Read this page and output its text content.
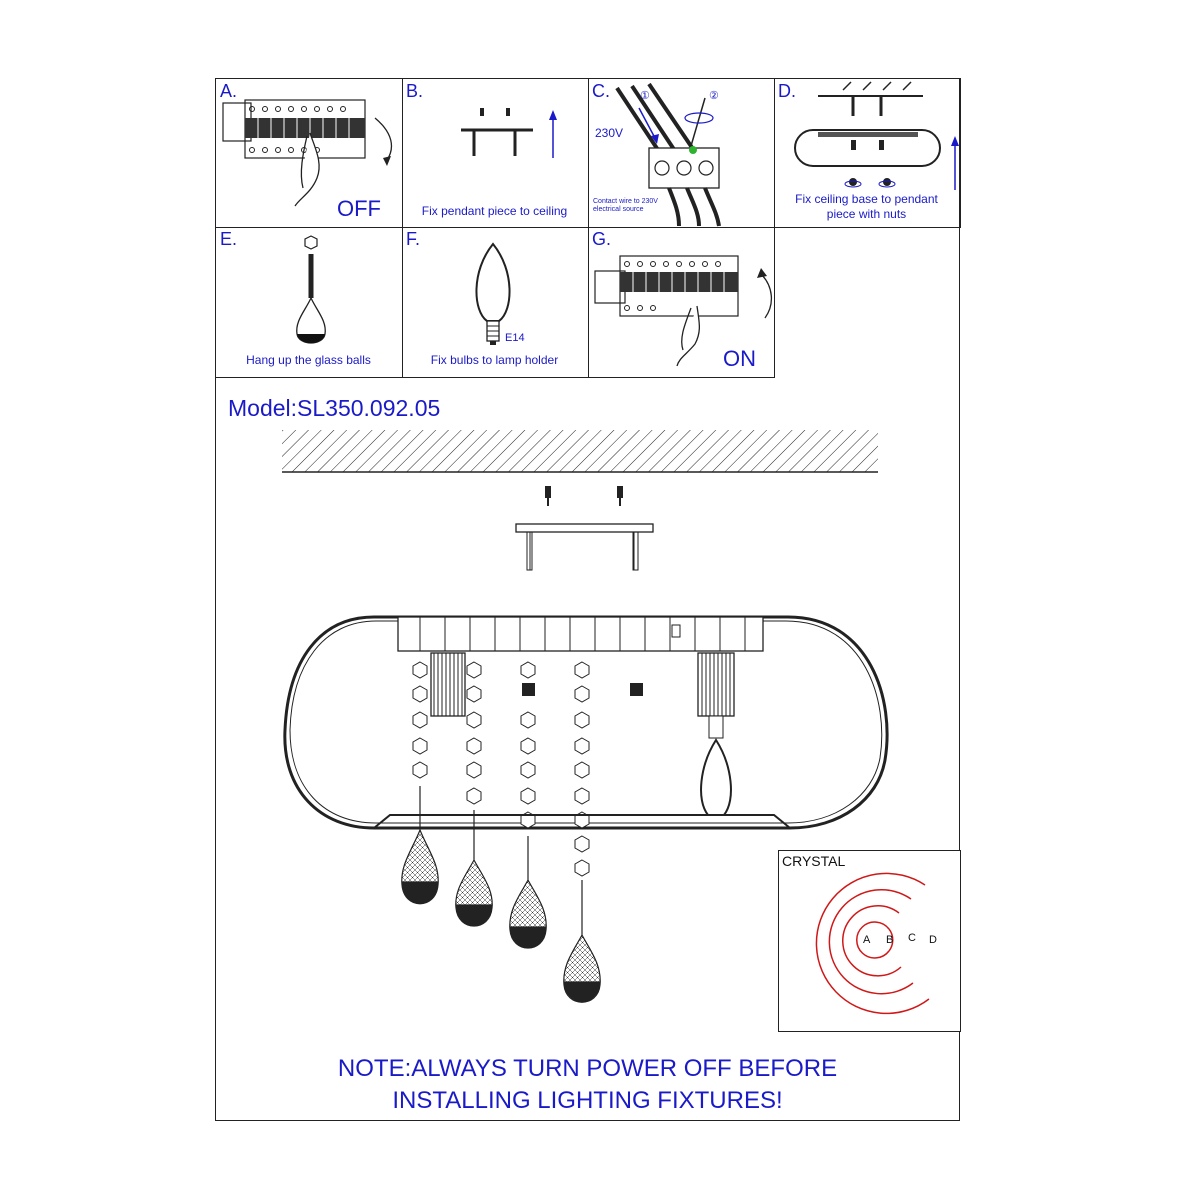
A.
OFF
B.
Fix pendant piece to ceiling
C.	①	②
230V
Contact wire to 230V electrical source
D.
Fix ceiling base to pendant piece with nuts
E.
Hang up the glass balls
F.
E14
Fix bulbs to lamp holder
G.
ON
Model:SL350.092.05
CRYSTAL
A B C D
NOTE:ALWAYS TURN POWER OFF BEFORE
INSTALLING LIGHTING FIXTURES!
